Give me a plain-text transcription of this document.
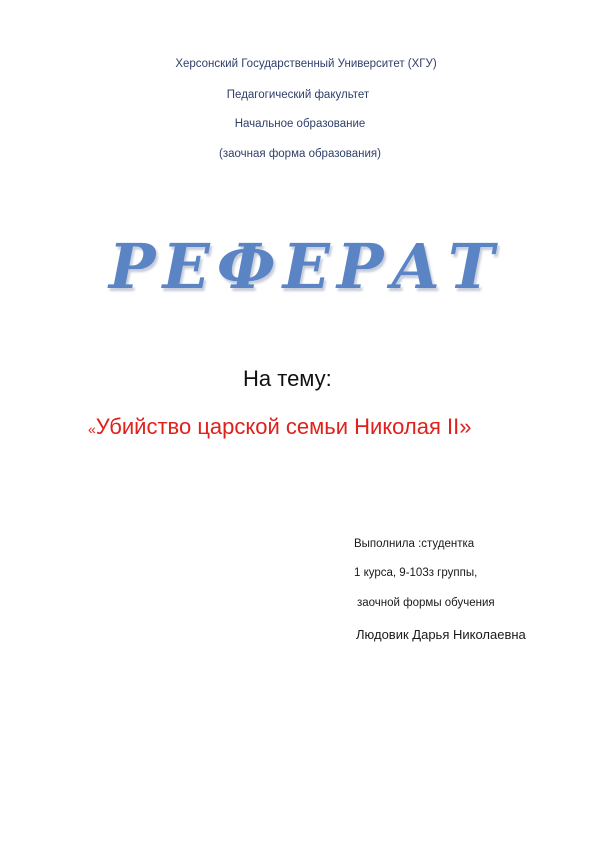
Херсонский Государственный Университет (ХГУ)
Педагогический факультет
Начальное образование
(заочная форма образования)
РЕФЕРАТ
На тему:
«Убийство царской семьи Николая II»
Выполнила :студентка
1 курса, 9-103з группы,
заочной формы обучения
Людовик Дарья Николаевна
